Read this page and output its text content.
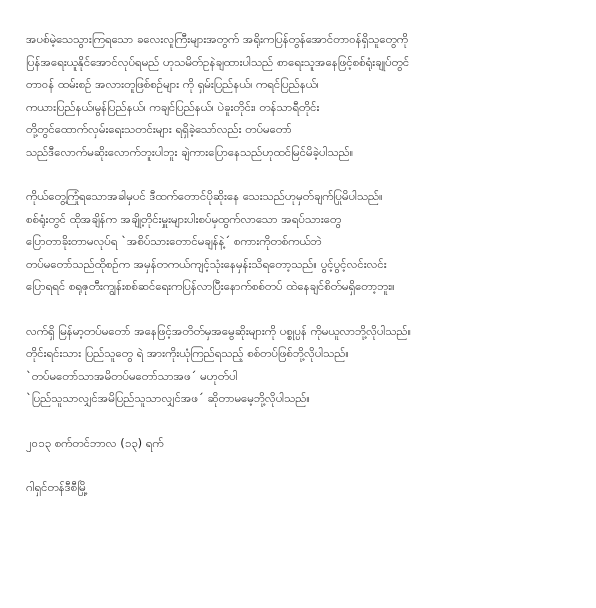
အပစ်မဲ့သေသွားကြရသော ခလေးလူကြီးများအတွက် အရိုးကပြန်တွန်အောင်တာဝန်ရှိသူတွေကို
ပြန်အရေးယူနိုင်အောင်လုပ်ရမည် ဟုသမိတ်ဥနဲချထားပါသည် စာရေးသူအနေဖြင့်စစ်ရုံးချုပ်တွင်
တာဝန် ထမ်းစဉ် အလားတူဖြစ်စဉ်များ ကို ရှမ်းပြည်နယ်၊ ကရင်ပြည်နယ်၊
ကယားပြည်နယ်၊မွန်ပြည်နယ်၊ ကချင်ပြည်နယ်၊ ပဲခူးတိုင်း၊ တန်သာရီတိုင်း
တို့တွင်ထောက်လှမ်းရေးသတင်းများ ရရှိခဲ့သော်လည်း တပ်မတော်
သည်ဒီလောက်မဆိုးလောက်ဘူးပါဘူး ချဲကားပြောနေသည်ဟုထင်မြင်မိခဲ့ပါသည်။
ကိုယ်တွေ့ကြုံရသောအခါမှပင် ဒီထက်တောင်ပိုဆိုးနေ သေးသည်ဟုမှတ်ချက်ပြုမိပါသည်။
စစ်ရုံးတွင် ထိုအချိန်က အချို့တိုင်းမှူးများပါးစပ်မှထွက်လာသော အရပ်သားတွေ
ပြောတာခိုးတာမလုပ်ရ `အစိပ်သားတောင်မချန်နဲ့´ စကားကိုတစ်ကယ်ဘဲ
တပ်မတော်သည်ထိုစဉ်က အမှန်တကယ်ကျင့်သုံးနေမှန်းသိရတော့သည်။ ပွင့်ပွင့်လင်းလင်း
ပြောရရင် စရုဇုတီးကျွန်းစစ်ဆင်ရေးကပြန်လာပြီးနောက်စစ်တပ် ထဲနေချင်စိတ်မရှိတော့ဘူး။
လက်ရှိ မြန်မာ့တပ်မတော် အနေဖြင့်အတိတ်မှအမွေဆိုးများကို ပစ္စုပ္ပန် ကိုမယူလာဘို့လိုပါသည်။
တိုင်းရင်းသား ပြည်သူတွေ ရဲ အားကိုးယုံကြည်ရသည့် စစ်တပ်ဖြစ်ဘို့လိုပါသည်။
`တပ်မတော်သာအမိတပ်မတော်သာအဖ´ မဟုတ်ပါ
`ပြည်သူသာလျှင်အမိပြည်သူသာလျှင်အဖ´ ဆိုတာမမေ့ဘို့လိုပါသည်။
၂၀၁၃ စက်တင်ဘာလ (၁၃) ရက်
ဂါရှင်တန်ဒီစီမြို့
